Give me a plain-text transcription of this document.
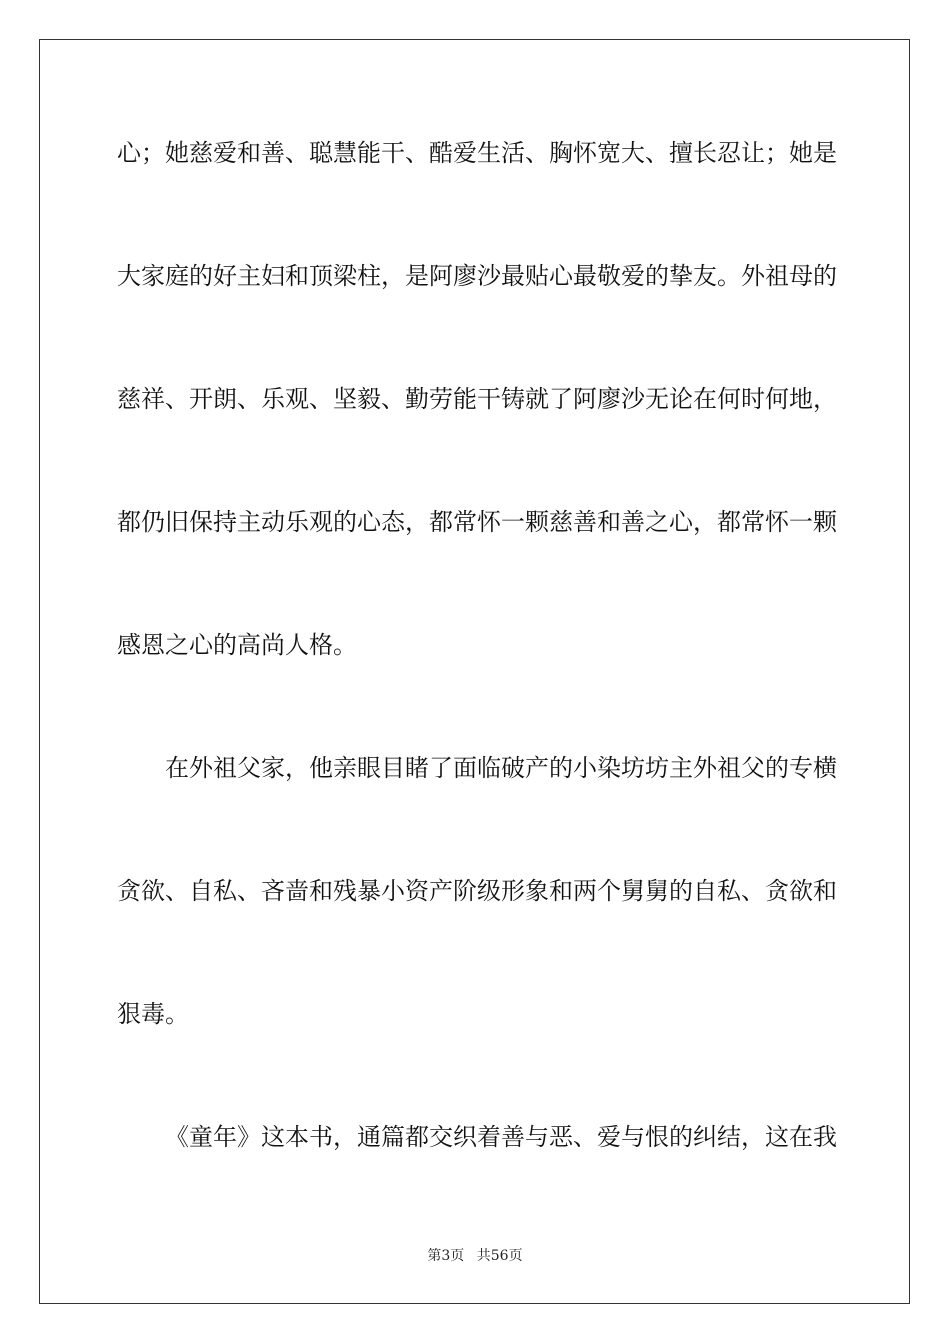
心；她慈爱和善、聪慧能干、酷爱生活、胸怀宽大、擅长忍让；她是
大家庭的好主妇和顶梁柱，是阿廖沙最贴心最敬爱的挚友。外祖母的
慈祥、开朗、乐观、坚毅、勤劳能干铸就了阿廖沙无论在何时何地，
都仍旧保持主动乐观的心态，都常怀一颗慈善和善之心，都常怀一颗
感恩之心的高尚人格。
在外祖父家，他亲眼目睹了面临破产的小染坊坊主外祖父的专横
贪欲、自私、吝啬和残暴小资产阶级形象和两个舅舅的自私、贪欲和
狠毒。
《童年》这本书，通篇都交织着善与恶、爱与恨的纠结，这在我
第3页 共56页
